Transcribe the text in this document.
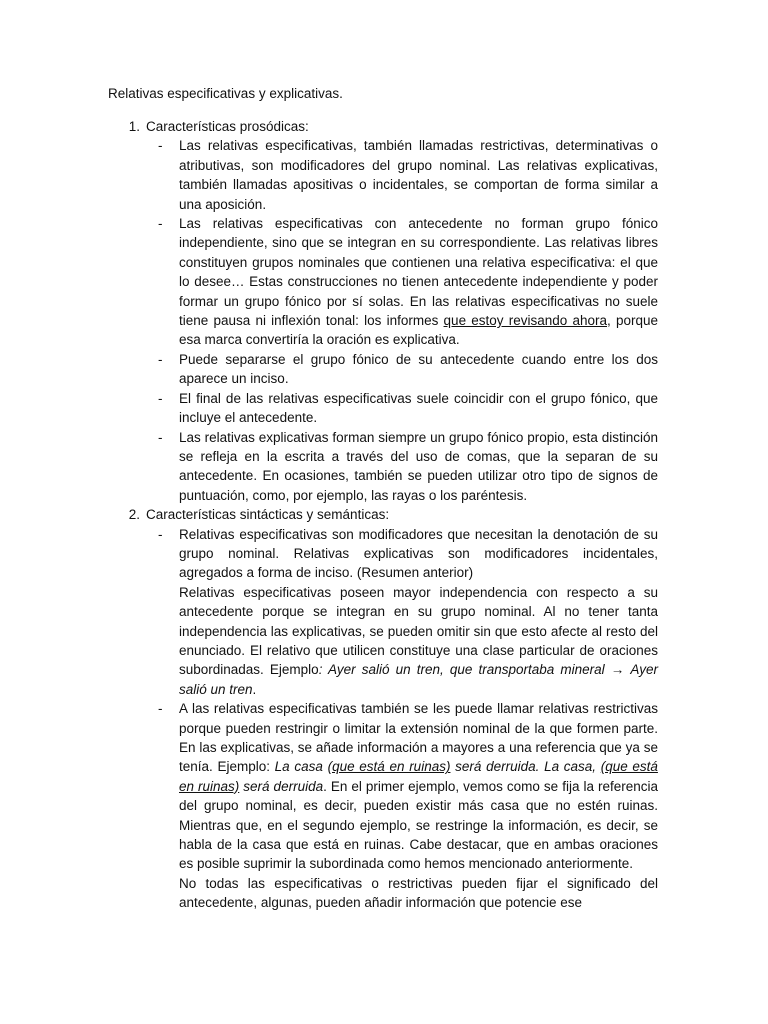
Relativas especificativas y explicativas.
1. Características prosódicas:
-	Las relativas especificativas, también llamadas restrictivas, determinativas o atributivas, son modificadores del grupo nominal. Las relativas explicativas, también llamadas apositivas o incidentales, se comportan de forma similar a una aposición.

-	Las relativas especificativas con antecedente no forman grupo fónico independiente, sino que se integran en su correspondiente. Las relativas libres constituyen grupos nominales que contienen una relativa especificativa: el que lo desee… Estas construcciones no tienen antecedente independiente y poder formar un grupo fónico por sí solas. En las relativas especificativas no suele tiene pausa ni inflexión tonal: los informes que estoy revisando ahora, porque esa marca convertiría la oración es explicativa.

-	Puede separarse el grupo fónico de su antecedente cuando entre los dos aparece un inciso.

-	El final de las relativas especificativas suele coincidir con el grupo fónico, que incluye el antecedente.

-	Las relativas explicativas forman siempre un grupo fónico propio, esta distinción se refleja en la escrita a través del uso de comas, que la separan de su antecedente. En ocasiones, también se pueden utilizar otro tipo de signos de puntuación, como, por ejemplo, las rayas o los paréntesis.

2. Características sintácticas y semánticas:
-	Relativas especificativas son modificadores que necesitan la denotación de su grupo nominal. Relativas explicativas son modificadores incidentales, agregados a forma de inciso. (Resumen anterior)

Relativas especificativas poseen mayor independencia con respecto a su antecedente porque se integran en su grupo nominal. Al no tener tanta independencia las explicativas, se pueden omitir sin que esto afecte al resto del enunciado. El relativo que utilicen constituye una clase particular de oraciones subordinadas. Ejemplo: Ayer salió un tren, que transportaba mineral → Ayer salió un tren.

-	A las relativas especificativas también se les puede llamar relativas restrictivas porque pueden restringir o limitar la extensión nominal de la que formen parte. En las explicativas, se añade información a mayores a una referencia que ya se tenía. Ejemplo: La casa (que está en ruinas) será derruida. La casa, (que está en ruinas) será derruida. En el primer ejemplo, vemos como se fija la referencia del grupo nominal, es decir, pueden existir más casa que no estén ruinas. Mientras que, en el segundo ejemplo, se restringe la información, es decir, se habla de la casa que está en ruinas. Cabe destacar, que en ambas oraciones es posible suprimir la subordinada como hemos mencionado anteriormente.

No todas las especificativas o restrictivas pueden fijar el significado del antecedente, algunas, pueden añadir información que potencie ese
